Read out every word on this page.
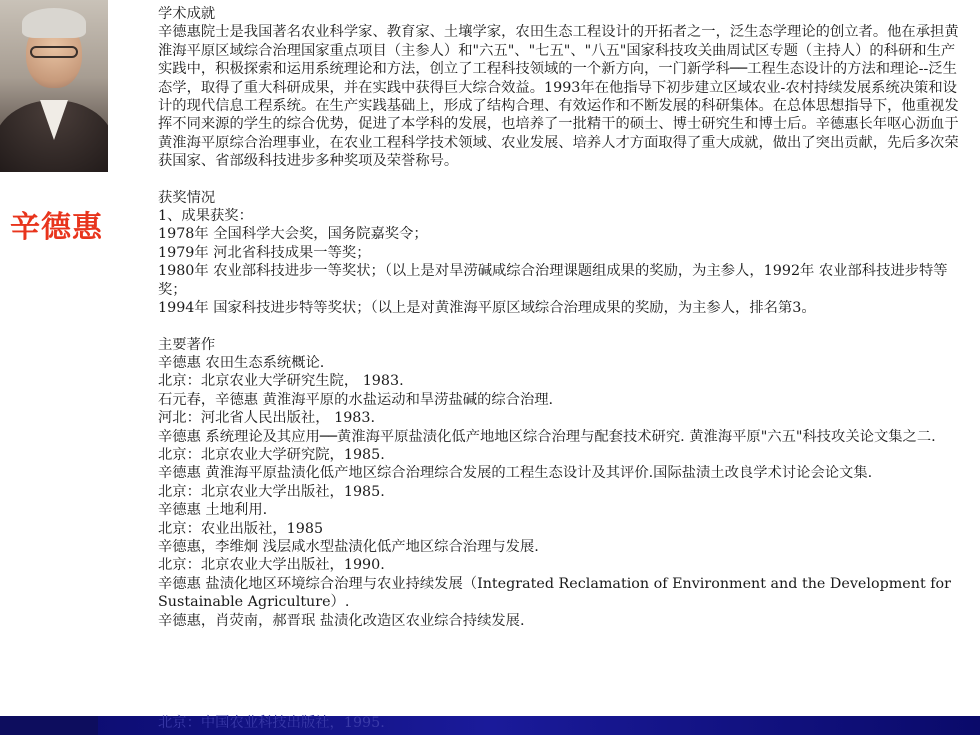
辛德惠

学术成就

辛德惠院士是我国著名农业科学家、教育家、土壤学家，农田生态工程设计的开拓者之一，泛生态学理论的创立者。他在承担黄淮海平原区域综合治理国家重点项目（主参人）和"六五"、"七五"、"八五"国家科技攻关曲周试区专题（主持人）的科研和生产实践中，积极探索和运用系统理论和方法，创立了工程科技领域的一个新方向，一门新学科──工程生态设计的方法和理论--泛生态学，取得了重大科研成果，并在实践中获得巨大综合效益。1993年在他指导下初步建立区域农业-农村持续发展系统决策和设计的现代信息工程系统。在生产实践基础上，形成了结构合理、有效运作和不断发展的科研集体。在总体思想指导下，他重视发挥不同来源的学生的综合优势，促进了本学科的发展，也培养了一批精干的硕士、博士研究生和博士后。辛德惠长年呕心沥血于黄淮海平原综合治理事业，在农业工程科学技术领域、农业发展、培养人才方面取得了重大成就，做出了突出贡献，先后多次荣获国家、省部级科技进步多种奖项及荣誉称号。

获奖情况

1、成果获奖：

1978年 全国科学大会奖，国务院嘉奖令；

1979年 河北省科技成果一等奖；

1980年 农业部科技进步一等奖状；（以上是对旱涝碱咸综合治理课题组成果的奖励，为主参人，1992年 农业部科技进步特等奖；

1994年 国家科技进步特等奖状；（以上是对黄淮海平原区域综合治理成果的奖励，为主参人，排名第3。

主要著作

辛德惠 农田生态系统概论.

北京：北京农业大学研究生院， 1983.

石元春，辛德惠 黄淮海平原的水盐运动和旱涝盐碱的综合治理.

河北：河北省人民出版社， 1983.

辛德惠 系统理论及其应用──黄淮海平原盐渍化低产地地区综合治理与配套技术研究. 黄淮海平原"六五"科技攻关论文集之二.

北京：北京农业大学研究院，1985.

辛德惠 黄淮海平原盐渍化低产地区综合治理综合发展的工程生态设计及其评价.国际盐渍土改良学术讨论会论文集.

北京：北京农业大学出版社，1985.

辛德惠 土地利用.

北京：农业出版社，1985

辛德惠，李维炯 浅层咸水型盐渍化低产地区综合治理与发展.

北京：北京农业大学出版社，1990.

辛德惠 盐渍化地区环境综合治理与农业持续发展（Integrated Reclamation of Environment and the Development for Sustainable Agriculture）.

辛德惠，肖荧南，郝晋珉 盐渍化改造区农业综合持续发展.

北京：中国农业科技出版社，1995.
